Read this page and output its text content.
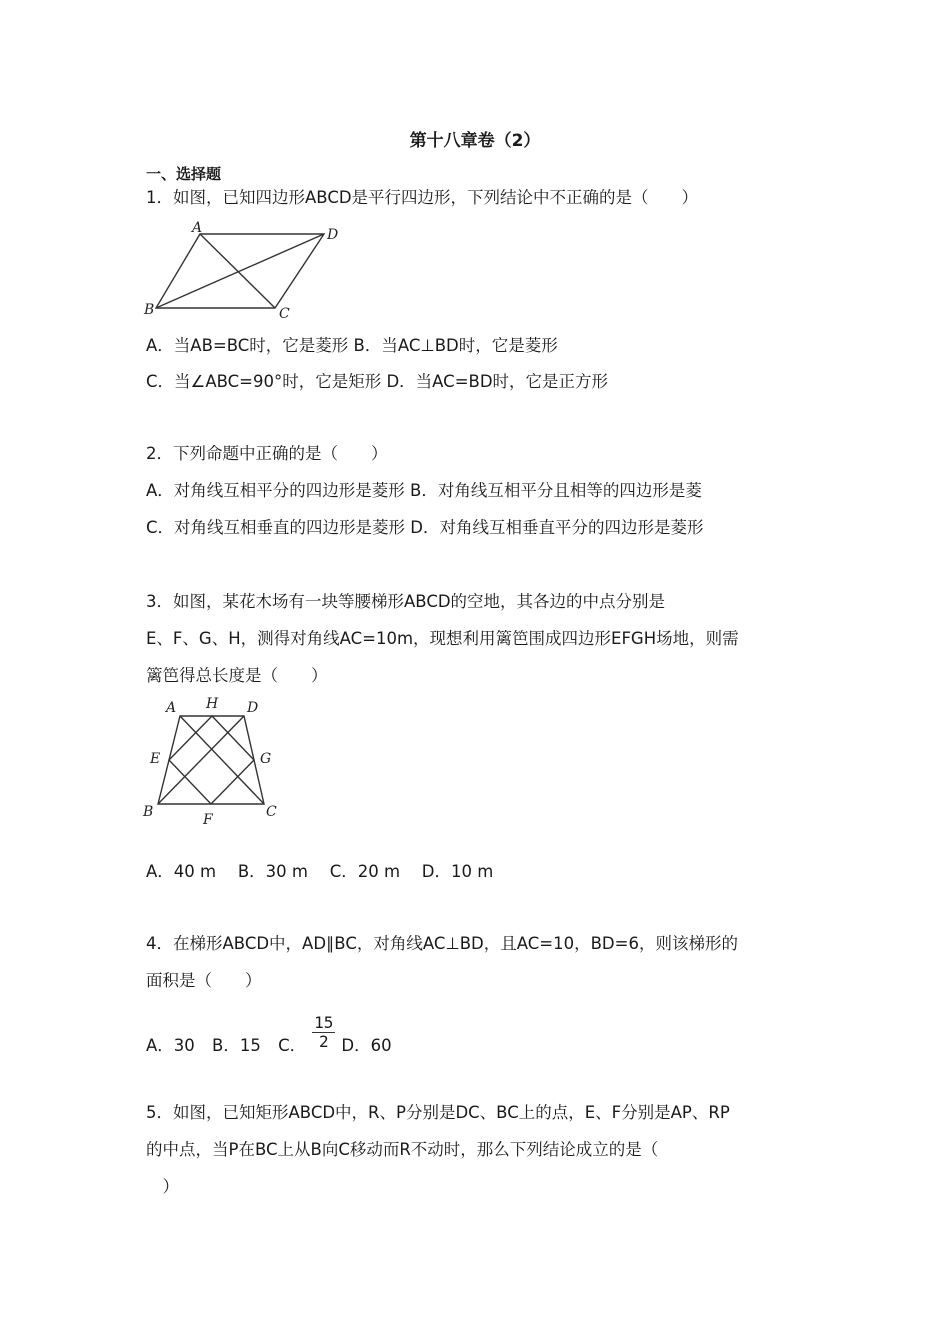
第十八章卷（2）
一、选择题
1．如图，已知四边形ABCD是平行四边形，下列结论中不正确的是（　　）
A	D
B	C
A．当AB=BC时，它是菱形 B．当AC⊥BD时，它是菱形
C．当∠ABC=90°时，它是矩形 D．当AC=BD时，它是正方形
2．下列命题中正确的是（　　）
A．对角线互相平分的四边形是菱形 B．对角线互相平分且相等的四边形是菱
C．对角线互相垂直的四边形是菱形 D．对角线互相垂直平分的四边形是菱形
3．如图，某花木场有一块等腰梯形ABCD的空地，其各边的中点分别是
E、F、G、H，测得对角线AC=10m，现想利用篱笆围成四边形EFGH场地，则需
篱笆得总长度是（　　）
A H D
E	G
B	F	C
A．40 m　 B．30 m　 C．20 m　 D．10 m
4．在梯形ABCD中，AD∥BC，对角线AC⊥BD，且AC=10，BD=6，则该梯形的
面积是（　　）
A．30 B．15 C． $\frac{15}{2}$ D．60
5．如图，已知矩形ABCD中，R、P分别是DC、BC上的点，E、F分别是AP、RP
的中点，当P在BC上从B向C移动而R不动时，那么下列结论成立的是（
　）
